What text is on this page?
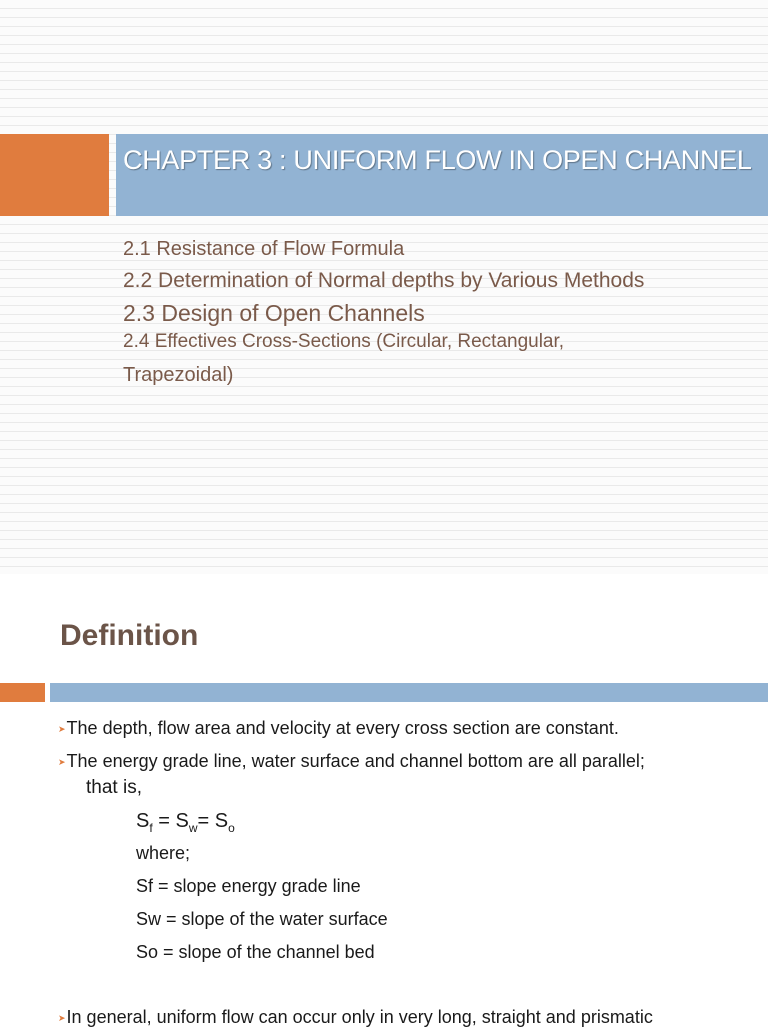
CHAPTER 3 : UNIFORM FLOW IN OPEN CHANNEL
2.1 Resistance of Flow Formula
2.2 Determination of Normal depths by Various Methods
2.3 Design of Open Channels
2.4 Effectives Cross-Sections (Circular, Rectangular,
Trapezoidal)
Definition
➤The depth, flow area and velocity at every cross section are constant.
➤The energy grade line, water surface and channel bottom are all parallel;
that is,
$S_f = S_w= S_o$
where;
Sf = slope energy grade line
Sw = slope of the water surface
So = slope of the channel bed
➤In general, uniform flow can occur only in very long, straight and prismatic
